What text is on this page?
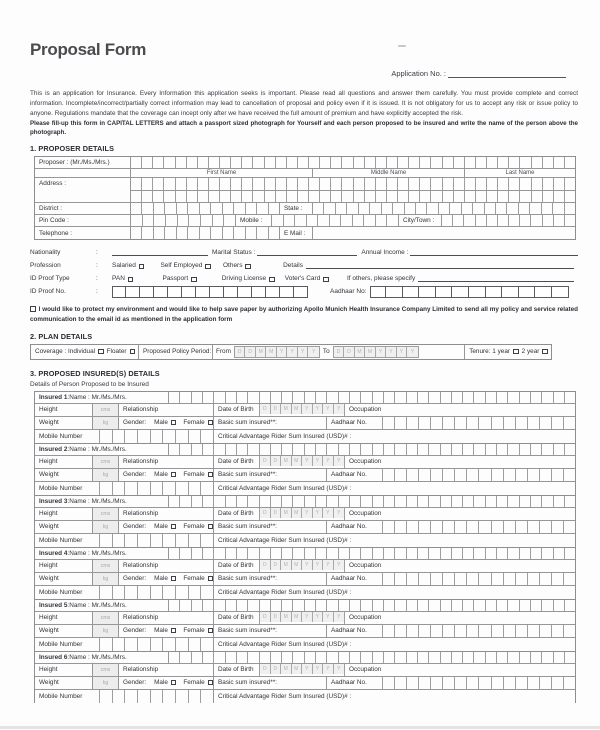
Proposal Form
Application No. :
This is an application for Insurance. Every Information this application seeks is important. Please read all questions and answer them carefully. You must provide complete and correct information. Incomplete/incorrect/partially correct information may lead to cancellation of proposal and policy even if it is issued. It is not obligatory for us to accept any risk or issue policy to anyone. Regulations mandate that the coverage can incept only after we have received the full amount of premium and have explicitly accepted the risk.
Please fill-up this form in CAPITAL LETTERS and attach a passport sized photograph for Yourself and each person proposed to be insured and write the name of the person above the photograph.
1. PROPOSER DETAILS
Proposer : (Mr./Ms./Mrs.)
First Name	Middle Name	Last Name
Address :
District :	State :
Pin Code :	Mobile :	City/Town :
Telephone :	E Mail :
Nationality	:	Marital Status :	Annual Income :
Profession	:	Salaried	Self Employed	Others	Details
ID Proof Type	:	PAN	Passport	Driving License	Voter's Card	If others, please specify
ID Proof No.	:	Aadhaar No:
I would like to protect my environment and would like to help save paper by authorizing Apollo Munich Health Insurance Company Limited to send all my policy and service related communication to the email id as mentioned in the application form
2. PLAN DETAILS
Coverage : Individual Floater	Proposed Policy Period: From	D	D	M	M	Y	Y	Y	Y	To	D	D	M	M	Y	Y	Y	Y	Tenure: 1 year 2 year
3. PROPOSED INSURED(S) DETAILS
Details of Person Proposed to be Insured
Insured 1 : Name : Mr./Ms./Mrs.
Height	cms	Relationship	Date of Birth	D	D	M	M	Y	Y	Y	Y	Occupation
Weight	kg	Gender: Male Female	Basic sum insured**:	Aadhaar No.
Mobile Number	Critical Advantage Rider Sum Insured (USD)# :
Insured 2 : Name : Mr./Ms./Mrs.
Height	cms	Relationship	Date of Birth	D	D	M	M	Y	Y	Y	Y	Occupation
Weight	kg	Gender: Male Female	Basic sum insured**:	Aadhaar No.
Mobile Number	Critical Advantage Rider Sum Insured (USD)# :
Insured 3 : Name : Mr./Ms./Mrs.
Height	cms	Relationship	Date of Birth	D	D	M	M	Y	Y	Y	Y	Occupation
Weight	kg	Gender: Male Female	Basic sum insured**:	Aadhaar No.
Mobile Number	Critical Advantage Rider Sum Insured (USD)# :
Insured 4 : Name : Mr./Ms./Mrs.
Height	cms	Relationship	Date of Birth	D	D	M	M	Y	Y	Y	Y	Occupation
Weight	kg	Gender: Male Female	Basic sum insured**:	Aadhaar No.
Mobile Number	Critical Advantage Rider Sum Insured (USD)# :
Insured 5 : Name : Mr./Ms./Mrs.
Height	cms	Relationship	Date of Birth	D	D	M	M	Y	Y	Y	Y	Occupation
Weight	kg	Gender: Male Female	Basic sum insured**:	Aadhaar No.
Mobile Number	Critical Advantage Rider Sum Insured (USD)# :
Insured 6 : Name : Mr./Ms./Mrs.
Height	cms	Relationship	Date of Birth	D	D	M	M	Y	Y	Y	Y	Occupation
Weight	kg	Gender: Male Female	Basic sum insured**:	Aadhaar No.
Mobile Number	Critical Advantage Rider Sum Insured (USD)# :
